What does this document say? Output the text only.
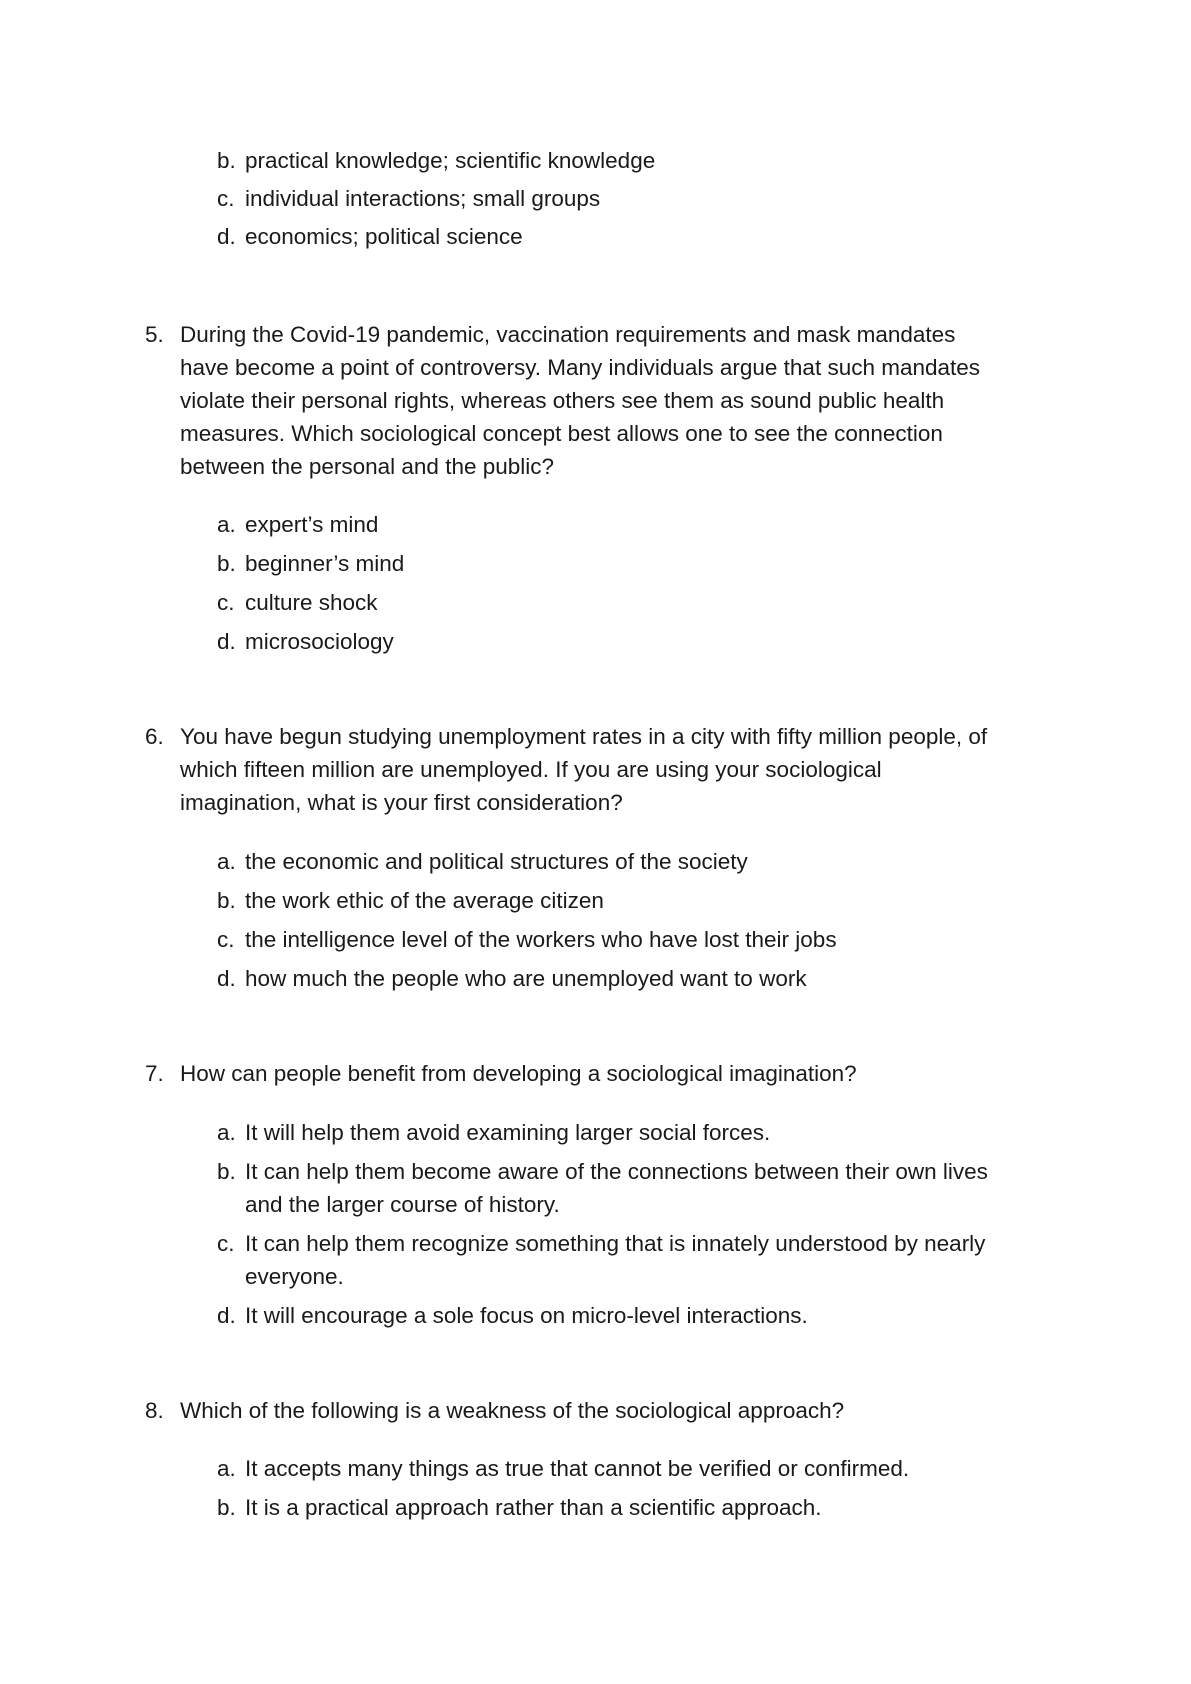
b. practical knowledge; scientific knowledge

c. individual interactions; small groups

d. economics; political science

5. During the Covid-19 pandemic, vaccination requirements and mask mandates

have become a point of controversy. Many individuals argue that such mandates

violate their personal rights, whereas others see them as sound public health

measures. Which sociological concept best allows one to see the connection

between the personal and the public?

a. expert’s mind

b. beginner’s mind

c. culture shock

d. microsociology

6. You have begun studying unemployment rates in a city with fifty million people, of

which fifteen million are unemployed. If you are using your sociological

imagination, what is your first consideration?

a. the economic and political structures of the society

b. the work ethic of the average citizen

c. the intelligence level of the workers who have lost their jobs

d. how much the people who are unemployed want to work

7. How can people benefit from developing a sociological imagination?

a. It will help them avoid examining larger social forces.

b. It can help them become aware of the connections between their own lives

and the larger course of history.

c. It can help them recognize something that is innately understood by nearly

everyone.

d. It will encourage a sole focus on micro-level interactions.

8. Which of the following is a weakness of the sociological approach?

a. It accepts many things as true that cannot be verified or confirmed.

b. It is a practical approach rather than a scientific approach.
